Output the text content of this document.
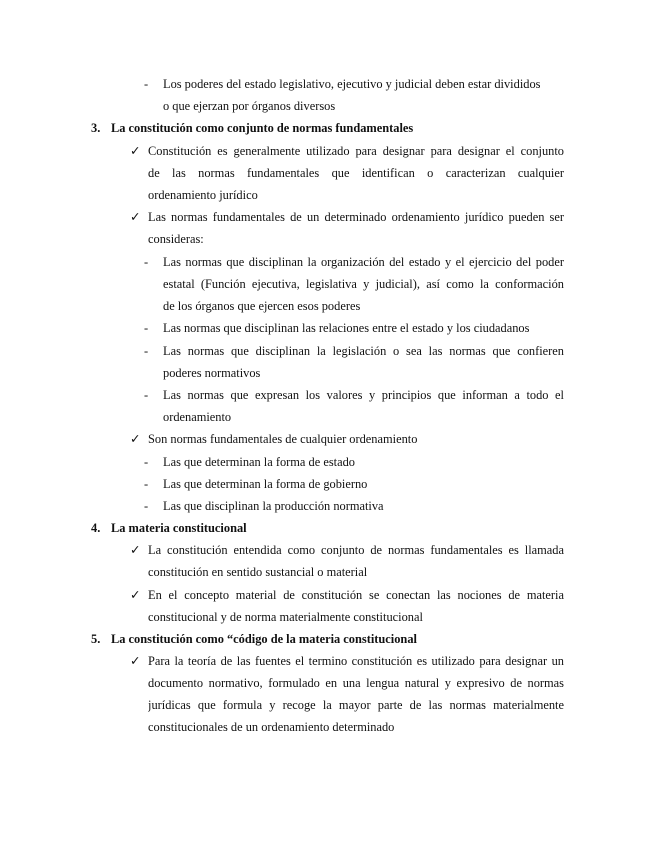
- Los poderes del estado legislativo, ejecutivo y judicial deben estar divididos
o que ejerzan por órganos diversos
3. La constitución como conjunto de normas fundamentales
✓ Constitución es generalmente utilizado para designar para designar el conjunto
de las normas fundamentales que identifican o caracterizan cualquier
ordenamiento jurídico
✓ Las normas fundamentales de un determinado ordenamiento jurídico pueden ser
consideras:
- Las normas que disciplinan la organización del estado y el ejercicio del poder
estatal (Función ejecutiva, legislativa y judicial), así como la conformación
de los órganos que ejercen esos poderes
- Las normas que disciplinan las relaciones entre el estado y los ciudadanos
- Las normas que disciplinan la legislación o sea las normas que confieren
poderes normativos
- Las normas que expresan los valores y principios que informan a todo el
ordenamiento
✓ Son normas fundamentales de cualquier ordenamiento
- Las que determinan la forma de estado
- Las que determinan la forma de gobierno
- Las que disciplinan la producción normativa
4. La materia constitucional
✓ La constitución entendida como conjunto de normas fundamentales es llamada
constitución en sentido sustancial o material
✓ En el concepto material de constitución se conectan las nociones de materia
constitucional y de norma materialmente constitucional
5. La constitución como “código de la materia constitucional
✓ Para la teoría de las fuentes el termino constitución es utilizado para designar un
documento normativo, formulado en una lengua natural y expresivo de normas
jurídicas que formula y recoge la mayor parte de las normas materialmente
constitucionales de un ordenamiento determinado
